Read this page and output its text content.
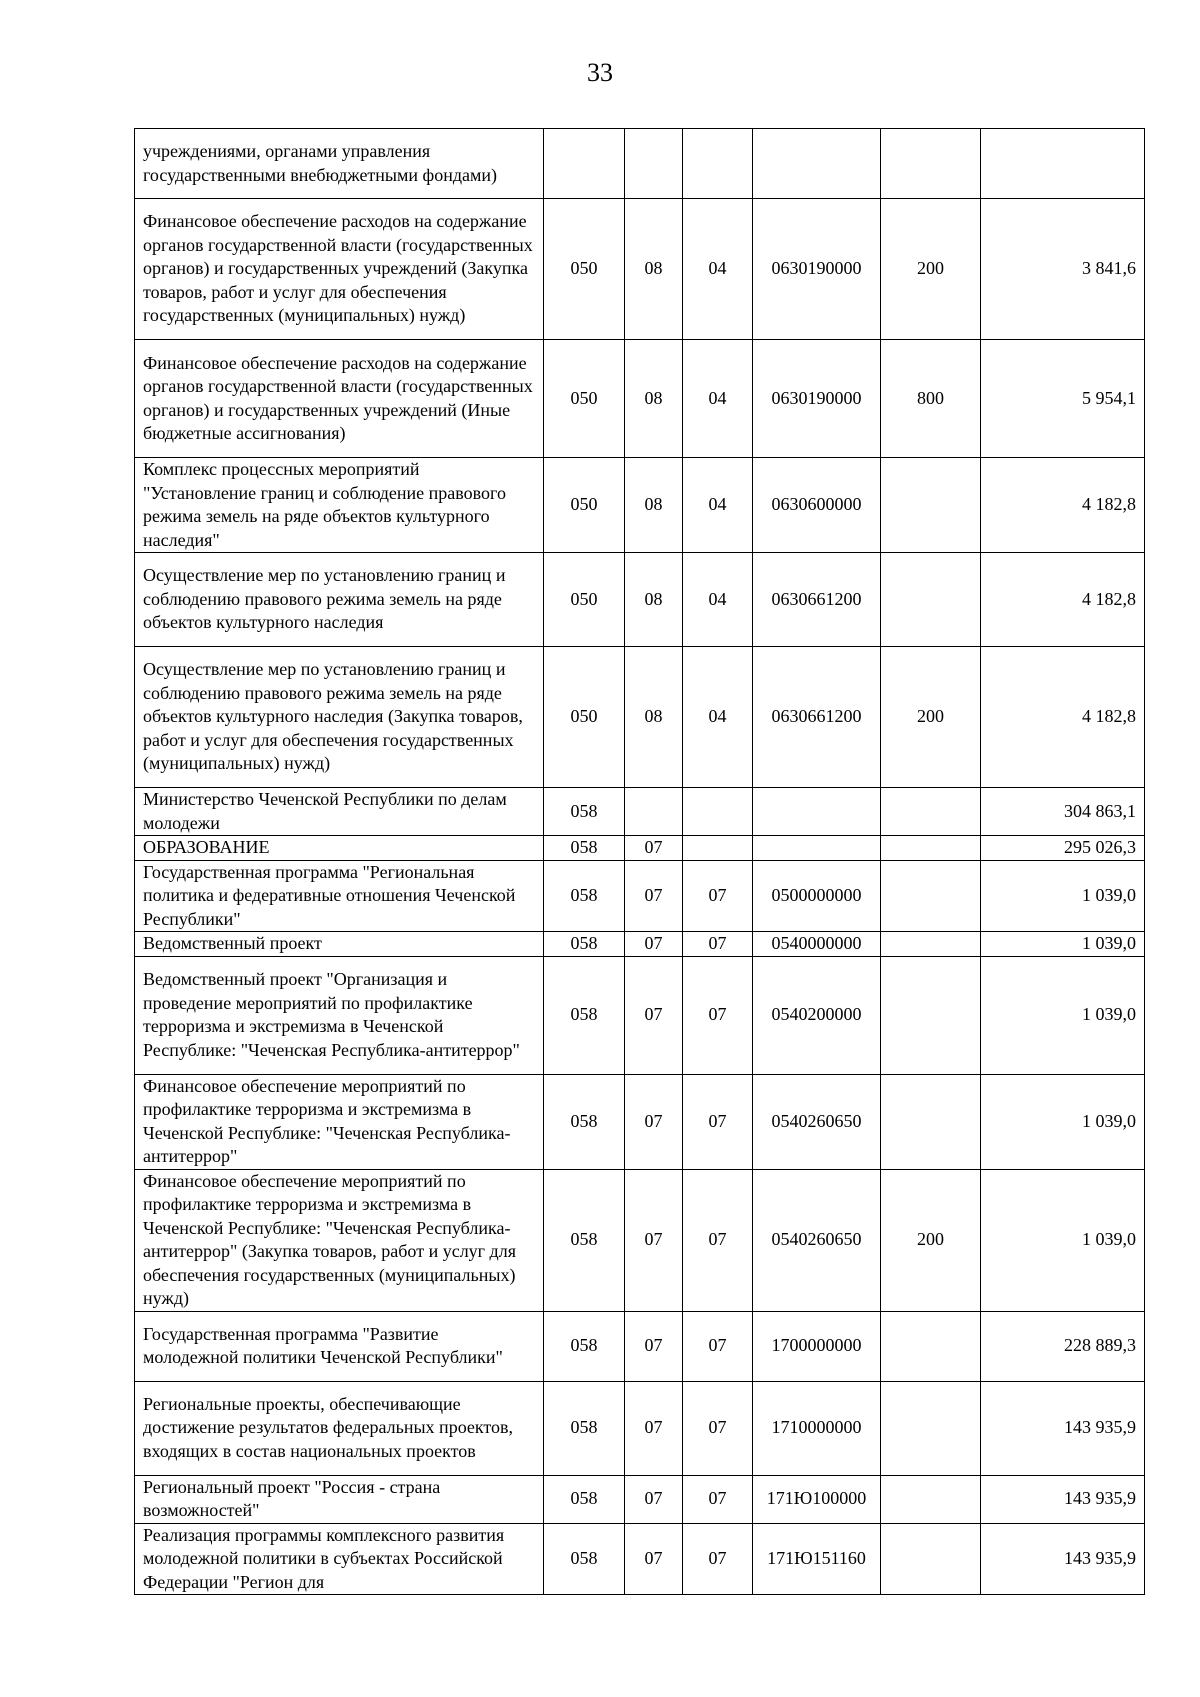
33
учреждениями, органами управления государственными внебюджетными фондами)						
Финансовое обеспечение расходов на содержание органов государственной власти (государственных органов) и государственных учреждений (Закупка товаров, работ и услуг для обеспечения государственных (муниципальных) нужд)	050	08	04	0630190000	200	3 841,6
Финансовое обеспечение расходов на содержание органов государственной власти (государственных органов) и государственных учреждений (Иные бюджетные ассигнования)	050	08	04	0630190000	800	5 954,1
Комплекс процессных мероприятий "Установление границ и соблюдение правового режима земель на ряде объектов культурного наследия"	050	08	04	0630600000		4 182,8
Осуществление мер по установлению границ и соблюдению правового режима земель на ряде объектов культурного наследия	050	08	04	0630661200		4 182,8
Осуществление мер по установлению границ и соблюдению правового режима земель на ряде объектов культурного наследия (Закупка товаров, работ и услуг для обеспечения государственных (муниципальных) нужд)	050	08	04	0630661200	200	4 182,8
Министерство Чеченской Республики по делам молодежи	058					304 863,1
ОБРАЗОВАНИЕ	058	07				295 026,3
Государственная программа "Региональная политика и федеративные отношения Чеченской Республики"	058	07	07	0500000000		1 039,0
Ведомственный проект	058	07	07	0540000000		1 039,0
Ведомственный проект "Организация и проведение мероприятий по профилактике терроризма и экстремизма в Чеченской Республике: "Чеченская Республика-антитеррор"	058	07	07	0540200000		1 039,0
Финансовое обеспечение мероприятий по профилактике терроризма и экстремизма в Чеченской Республике: "Чеченская Республика-антитеррор"	058	07	07	0540260650		1 039,0
Финансовое обеспечение мероприятий по профилактике терроризма и экстремизма в Чеченской Республике: "Чеченская Республика-антитеррор" (Закупка товаров, работ и услуг для обеспечения государственных (муниципальных) нужд)	058	07	07	0540260650	200	1 039,0
Государственная программа "Развитие молодежной политики Чеченской Республики"	058	07	07	1700000000		228 889,3
Региональные проекты, обеспечивающие достижение результатов федеральных проектов, входящих в состав национальных проектов	058	07	07	1710000000		143 935,9
Региональный проект "Россия - страна возможностей"	058	07	07	171Ю100000		143 935,9
Реализация программы комплексного развития молодежной политики в субъектах Российской Федерации "Регион для	058	07	07	171Ю151160		143 935,9
